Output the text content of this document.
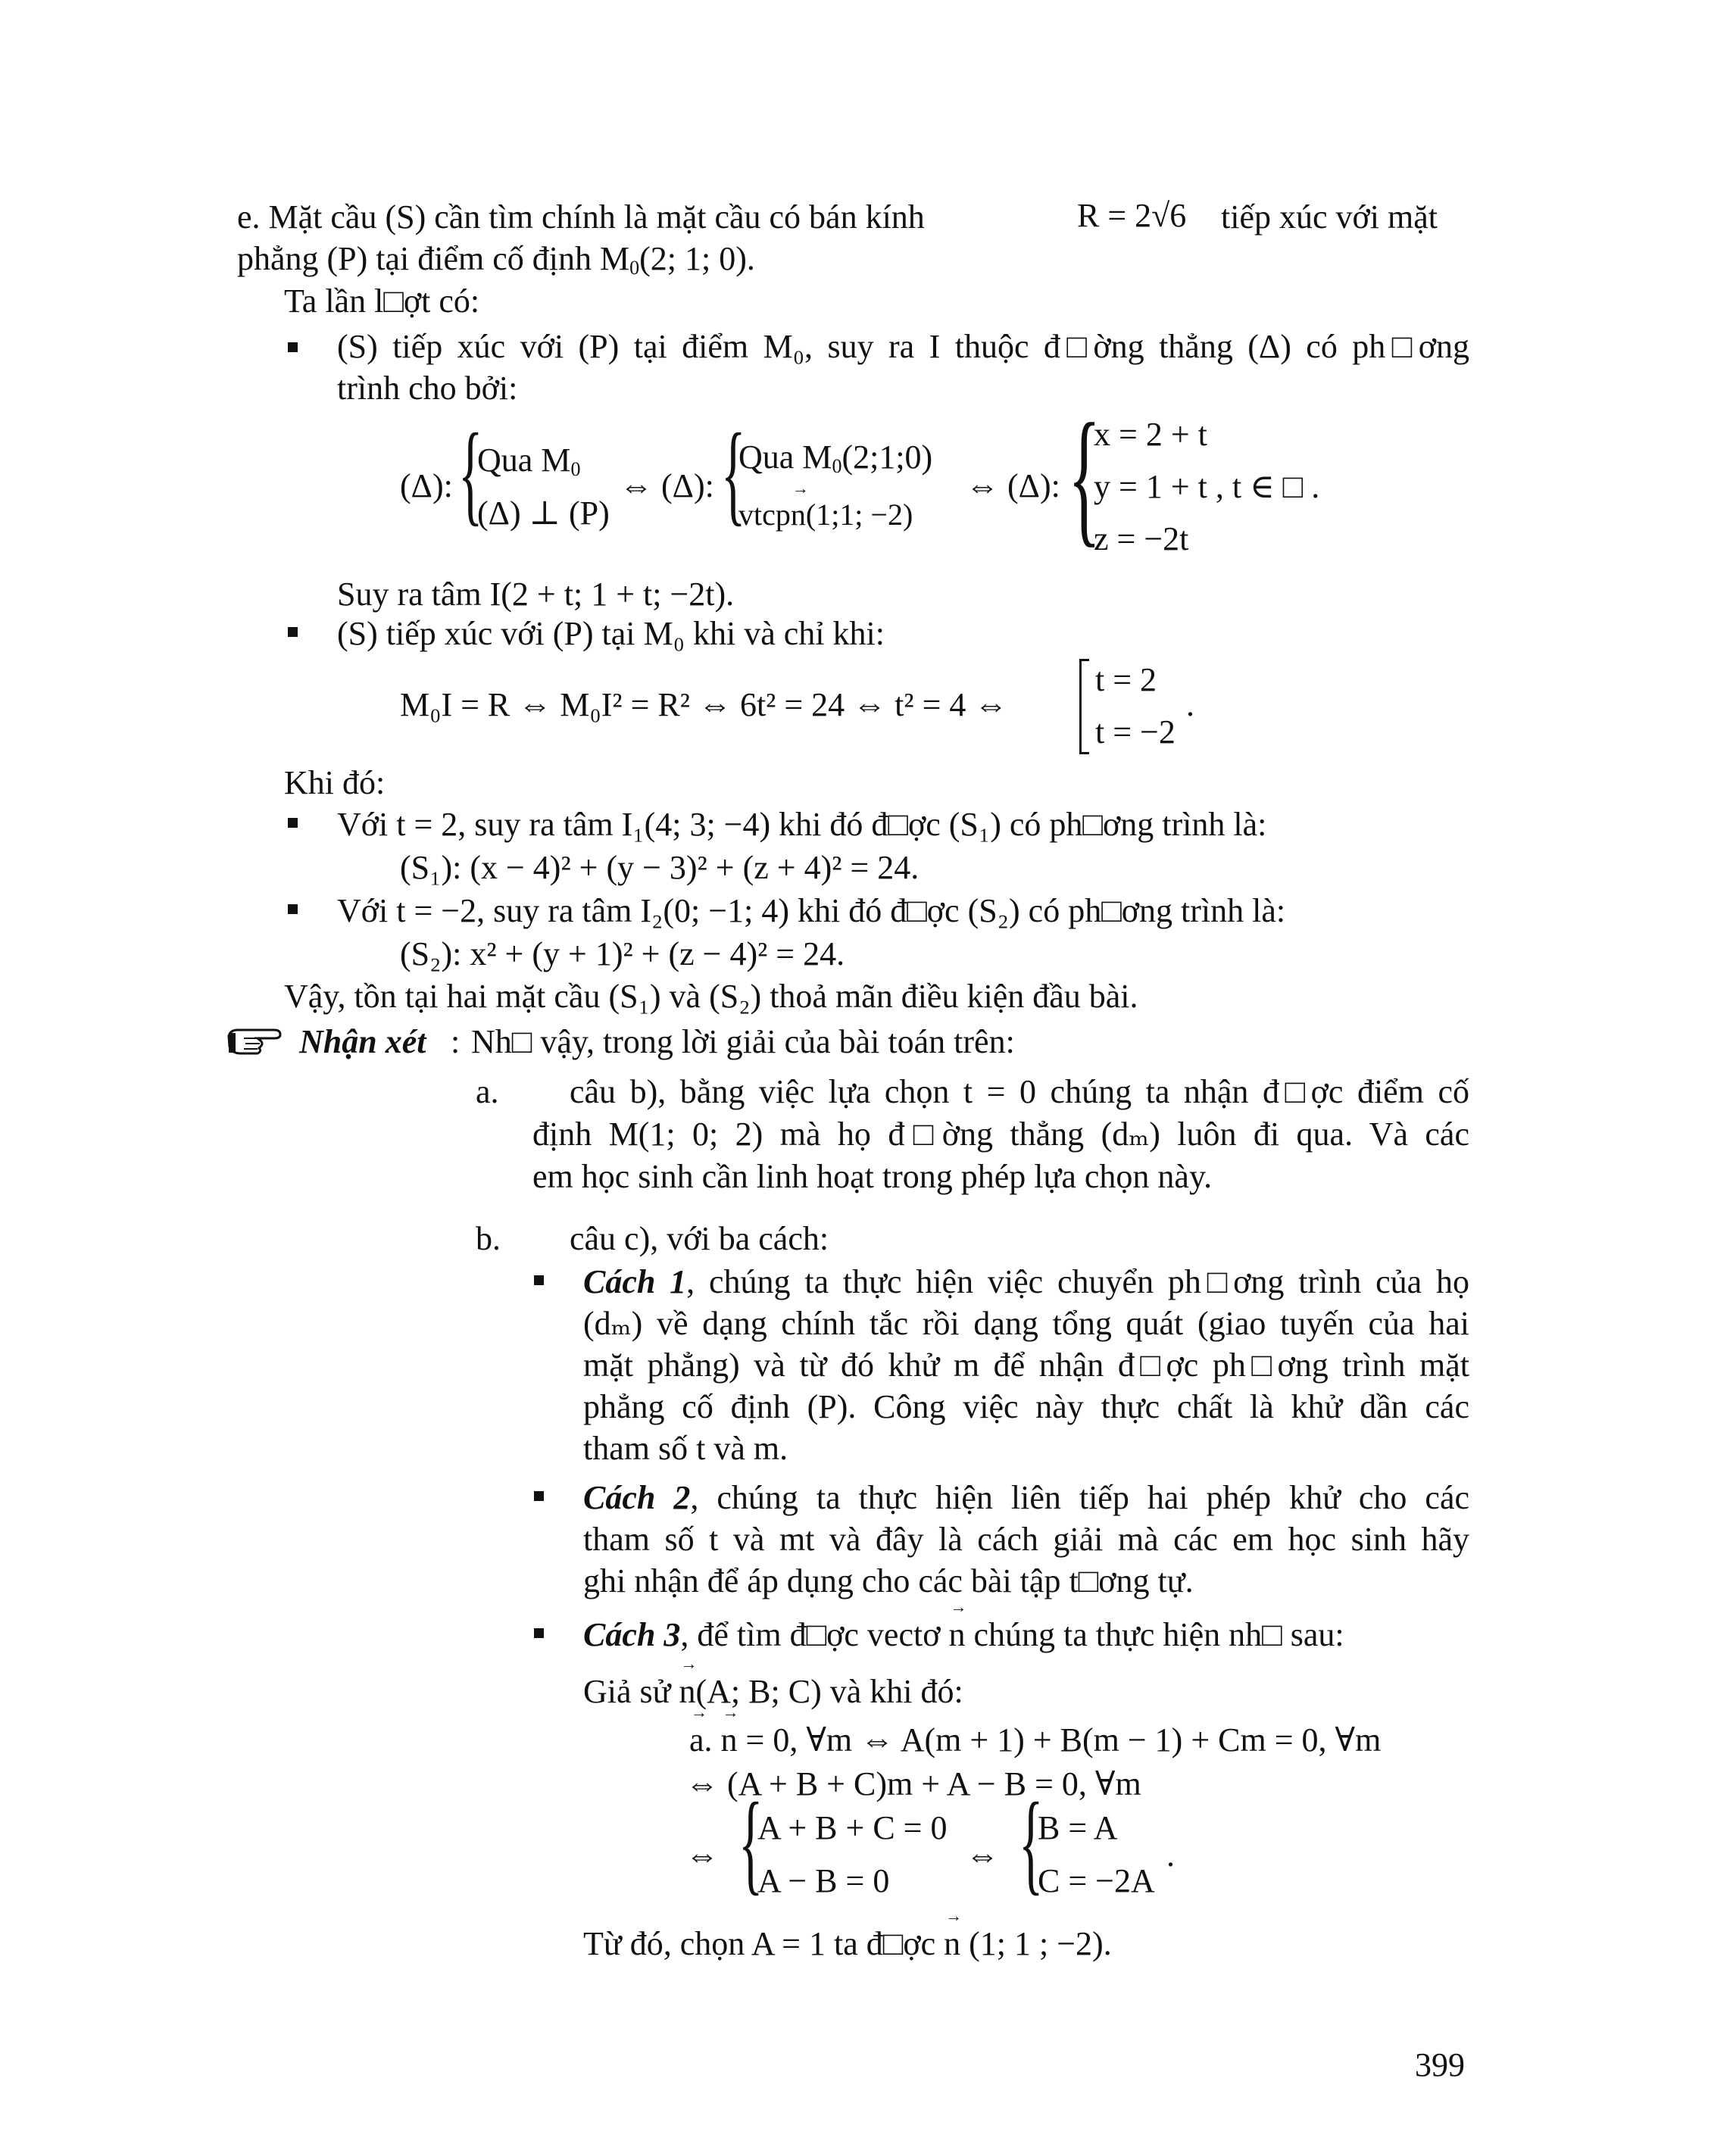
e. Mặt cầu (S) cần tìm chính là mặt cầu có bán kính	R = 2√6 tiếp xúc với mặt
phẳng (P) tại điểm cố định $M_0(2$; 1; 0).
Ta lần l□ợt có:
(S) tiếp xúc với (P) tại điểm M₀, suy ra I thuộc đ□ờng thẳng (Δ) có ph□ơng
trình cho bởi:
(Δ): {
Qua $M_0$
(Δ) ⊥ (P)
⇔ (Δ): {
Qua $M_0(2;1;0)$
vtcp→ n(1;1; −2)
⇔ (Δ): {
x = 2 + t
y = 1 + t , t ∈ □ .
z = −2t
Suy ra tâm I(2 + t; 1 + t; −2t).
(S) tiếp xúc với (P) tại M₀ khi và chỉ khi:
M₀I = R ⇔ M₀I² = R² ⇔ 6t² = 24 ⇔ t² = 4 ⇔
t = 2
t = −2
.
Khi đó:
Với t = 2, suy ra tâm I₁(4; 3; −4) khi đó đ□ợc (S₁) có ph□ơng trình là:
(S₁): (x − 4)² + (y − 3)² + (z + 4)² = 24.
Với t = −2, suy ra tâm I₂(0; −1; 4) khi đó đ□ợc (S₂) có ph□ơng trình là:
(S₂): x² + (y + 1)² + (z − 4)² = 24.
Vậy, tồn tại hai mặt cầu (S₁) và (S₂) thoả mãn điều kiện đầu bài.
Nhận xét : Nh□ vậy, trong lời giải của bài toán trên:
a. câu b), bằng việc lựa chọn t = 0 chúng ta nhận đ□ợc điểm cố
định M(1; 0; 2) mà họ đ□ờng thẳng (dₘ) luôn đi qua. Và các
em học sinh cần linh hoạt trong phép lựa chọn này.
b. câu c), với ba cách:
Cách 1, chúng ta thực hiện việc chuyển ph□ơng trình của họ
(dₘ) về dạng chính tắc rồi dạng tổng quát (giao tuyến của hai
mặt phẳng) và từ đó khử m để nhận đ□ợc ph□ơng trình mặt
phẳng cố định (P). Công việc này thực chất là khử dần các
tham số t và m.
Cách 2, chúng ta thực hiện liên tiếp hai phép khử cho các
tham số t và mt và đây là cách giải mà các em học sinh hãy
ghi nhận để áp dụng cho các bài tập t□ơng tự.
Cách 3, để tìm đ□ợc vectơ → n chúng ta thực hiện nh□ sau:
Giả sử → n(A; B; C) và khi đó:
→ a. → n = 0, ∀m ⇔ A(m + 1) + B(m − 1) + Cm = 0, ∀m
⇔ (A + B + C)m + A − B = 0, ∀m
⇔ {
A + B + C = 0
A − B = 0
⇔ {
B = A
C = −2A
.
Từ đó, chọn A = 1 ta đ□ợc → n (1; 1 ; −2).
399
